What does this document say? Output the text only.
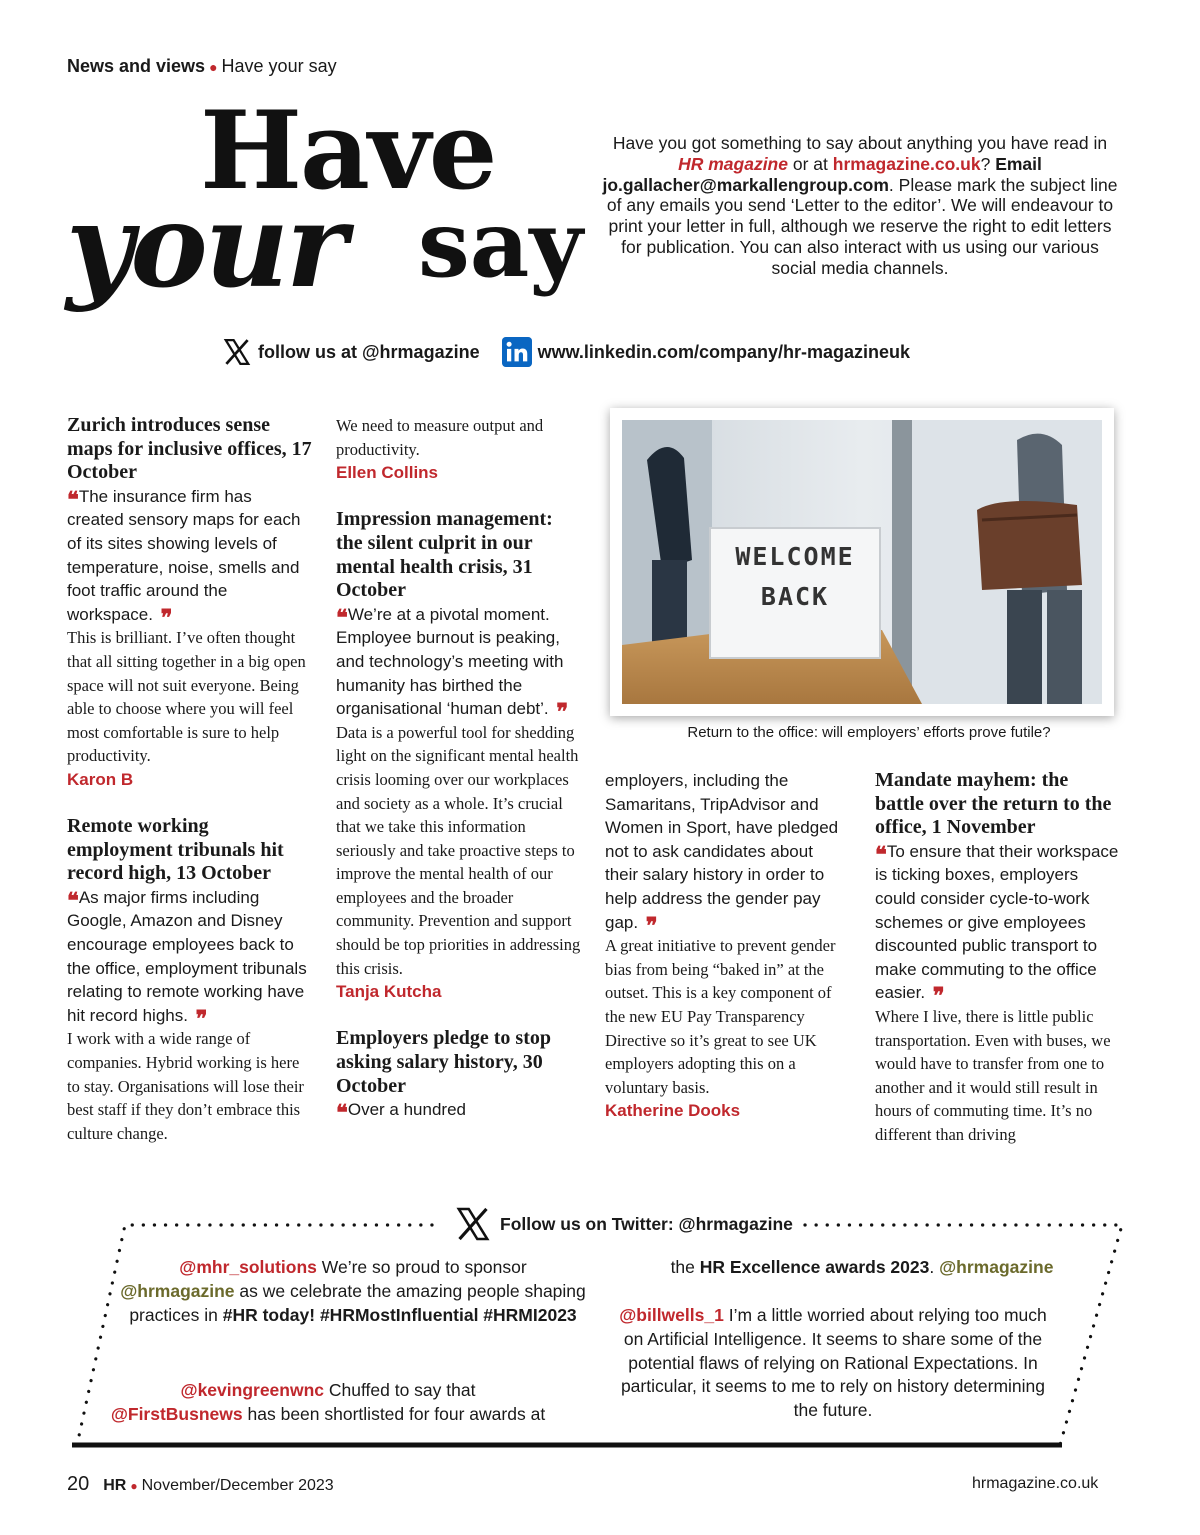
News and views ● Have your say
Have
your say
Have you got something to say about anything you have read in HR magazine or at hrmagazine.co.uk? Email jo.gallacher@markallengroup.com. Please mark the subject line of any emails you send ‘Letter to the editor’. We will endeavour to print your letter in full, although we reserve the right to edit letters for publication. You can also interact with us using our various social media channels.
follow us at @hrmagazine	www.linkedin.com/company/hr-magazineuk
Zurich introduces sense maps for inclusive offices, 17 October
❝The insurance firm has created sensory maps for each of its sites showing levels of temperature, noise, smells and foot traffic around the workspace. ❞
This is brilliant. I’ve often thought that all sitting together in a big open space will not suit everyone. Being able to choose where you will feel most comfortable is sure to help productivity.
Karon B
Remote working employment tribunals hit record high, 13 October
❝As major firms including Google, Amazon and Disney encourage employees back to the office, employment tribunals relating to remote working have hit record highs. ❞
I work with a wide range of companies. Hybrid working is here to stay. Organisations will lose their best staff if they don’t embrace this culture change.
We need to measure output and productivity.
Ellen Collins
Impression management: the silent culprit in our mental health crisis, 31 October
❝We’re at a pivotal moment. Employee burnout is peaking, and technology’s meeting with humanity has birthed the organisational ‘human debt’. ❞
Data is a powerful tool for shedding light on the significant mental health crisis looming over our workplaces and society as a whole. It’s crucial that we take this information seriously and take proactive steps to improve the mental health of our employees and the broader community. Prevention and support should be top priorities in addressing this crisis.
Tanja Kutcha
Employers pledge to stop asking salary history, 30 October
❝Over a hundred
WELCOME
BACK
Return to the office: will employers’ efforts prove futile?
employers, including the Samaritans, TripAdvisor and Women in Sport, have pledged not to ask candidates about their salary history in order to help address the gender pay gap. ❞
A great initiative to prevent gender bias from being “baked in” at the outset. This is a key component of the new EU Pay Transparency Directive so it’s great to see UK employers adopting this on a voluntary basis.
Katherine Dooks
Mandate mayhem: the battle over the return to the office, 1 November
❝To ensure that their workspace is ticking boxes, employers could consider cycle-to-work schemes or give employees discounted public transport to make commuting to the office easier. ❞
Where I live, there is little public transportation. Even with buses, we would have to transfer from one to another and it would still result in hours of commuting time. It’s no different than driving
Follow us on Twitter: @hrmagazine
@mhr_solutions We’re so proud to sponsor
@hrmagazine as we celebrate the amazing people shaping practices in #HR today! #HRMostInfluential #HRMI2023
@kevingreenwnc Chuffed to say that
@FirstBusnews has been shortlisted for four awards at
the HR Excellence awards 2023. @hrmagazine
@billwells_1 I’m a little worried about relying too much on Artificial Intelligence. It seems to share some of the potential flaws of relying on Rational Expectations. In particular, it seems to me to rely on history determining the future.
20 HR ● November/December 2023	hrmagazine.co.uk
